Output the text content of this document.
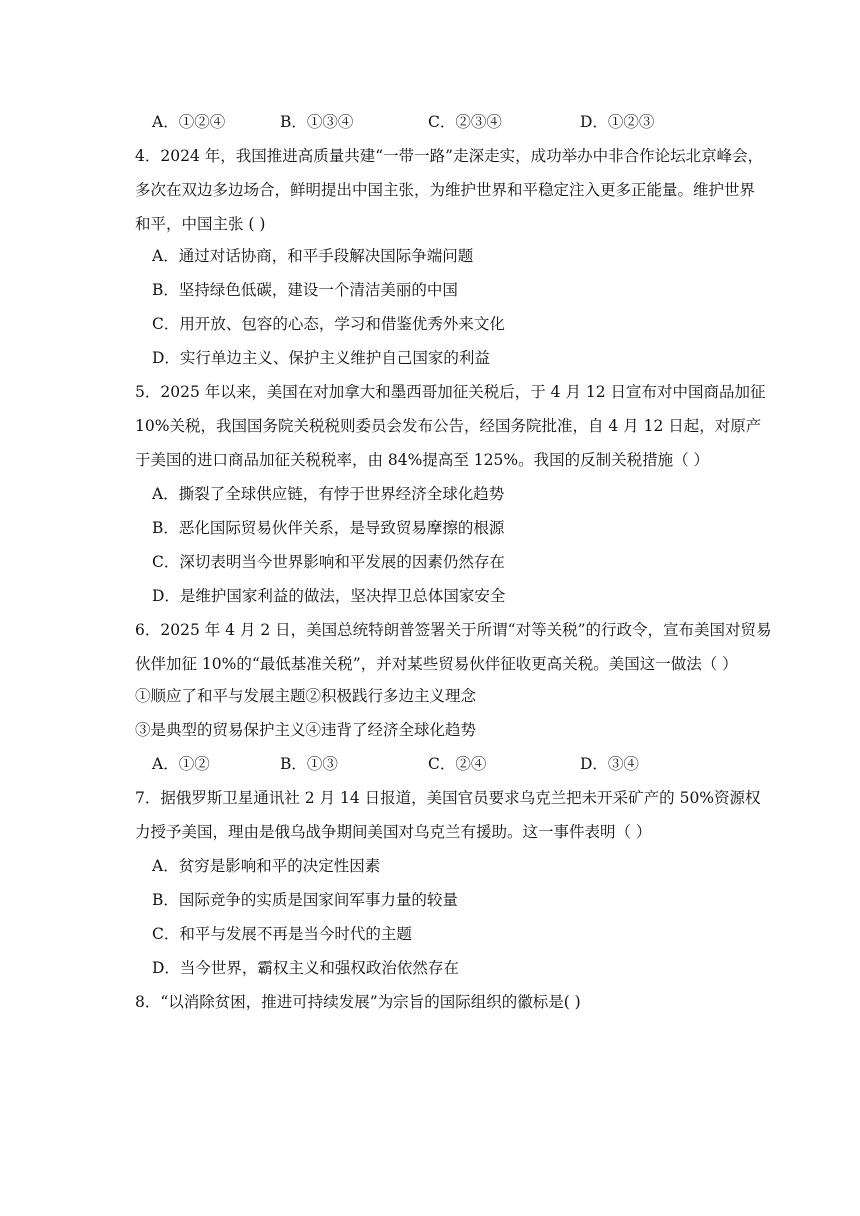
A．①②④	B．①③④	C．②③④	D．①②③
4．2024 年，我国推进高质量共建“一带一路”走深走实，成功举办中非合作论坛北京峰会，
多次在双边多边场合，鲜明提出中国主张，为维护世界和平稳定注入更多正能量。维护世界
和平，中国主张 ( )
A．通过对话协商，和平手段解决国际争端问题
B．坚持绿色低碳，建设一个清洁美丽的中国
C．用开放、包容的心态，学习和借鉴优秀外来文化
D．实行单边主义、保护主义维护自己国家的利益
5．2025 年以来，美国在对加拿大和墨西哥加征关税后，于 4 月 12 日宣布对中国商品加征
10%关税，我国国务院关税税则委员会发布公告，经国务院批准，自 4 月 12 日起，对原产
于美国的进口商品加征关税税率，由 84%提高至 125%。我国的反制关税措施（ ）
A．撕裂了全球供应链，有悖于世界经济全球化趋势
B．恶化国际贸易伙伴关系，是导致贸易摩擦的根源
C．深切表明当今世界影响和平发展的因素仍然存在
D．是维护国家利益的做法，坚决捍卫总体国家安全
6．2025 年 4 月 2 日，美国总统特朗普签署关于所谓“对等关税”的行政令，宣布美国对贸易
伙伴加征 10%的“最低基准关税”，并对某些贸易伙伴征收更高关税。美国这一做法（ ）
①顺应了和平与发展主题②积极践行多边主义理念
③是典型的贸易保护主义④违背了经济全球化趋势
A．①②	B．①③	C．②④	D．③④
7．据俄罗斯卫星通讯社 2 月 14 日报道，美国官员要求乌克兰把未开采矿产的 50%资源权
力授予美国，理由是俄乌战争期间美国对乌克兰有援助。这一事件表明（ ）
A．贫穷是影响和平的决定性因素
B．国际竞争的实质是国家间军事力量的较量
C．和平与发展不再是当今时代的主题
D．当今世界，霸权主义和强权政治依然存在
8．“以消除贫困，推进可持续发展”为宗旨的国际组织的徽标是( )
